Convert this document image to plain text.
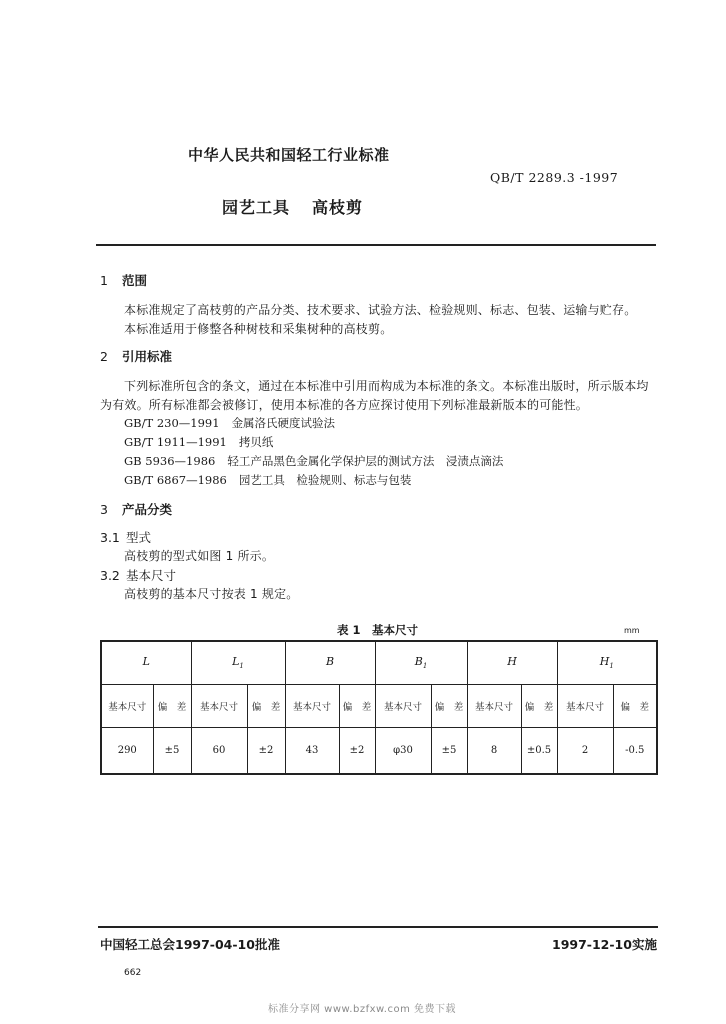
中华人民共和国轻工行业标准
QB/T 2289.3 -1997
园艺工具 高枝剪
1 范围
本标准规定了高枝剪的产品分类、技术要求、试验方法、检验规则、标志、包装、运输与贮存。
本标准适用于修整各种树枝和采集树种的高枝剪。
2 引用标准
下列标准所包含的条文，通过在本标准中引用而构成为本标准的条文。本标准出版时，所示版本均
为有效。所有标准都会被修订，使用本标准的各方应探讨使用下列标准最新版本的可能性。
GB/T 230—1991 金属洛氏硬度试验法
GB/T 1911—1991 拷贝纸
GB 5936—1986 轻工产品黑色金属化学保护层的测试方法　浸渍点滴法
GB/T 6867—1986 园艺工具　检验规则、标志与包装
3 产品分类
3.1 型式
高枝剪的型式如图 1 所示。
3.2 基本尺寸
高枝剪的基本尺寸按表 1 规定。
表 1　基本尺寸	mm
L		$L_1$		B		$B_1$		H		$H_1$
基本尺寸	偏　差	基本尺寸	偏　差	基本尺寸	偏　差	基本尺寸	偏　差	基本尺寸	偏　差	基本尺寸	偏　差
290	±5	60	±2	43	±2	φ30	±5	8	±0.5	2	-0.5
中国轻工总会1997-04-10批准	1997-12-10实施
662
标准分享网 www.bzfxw.com 免费下载
